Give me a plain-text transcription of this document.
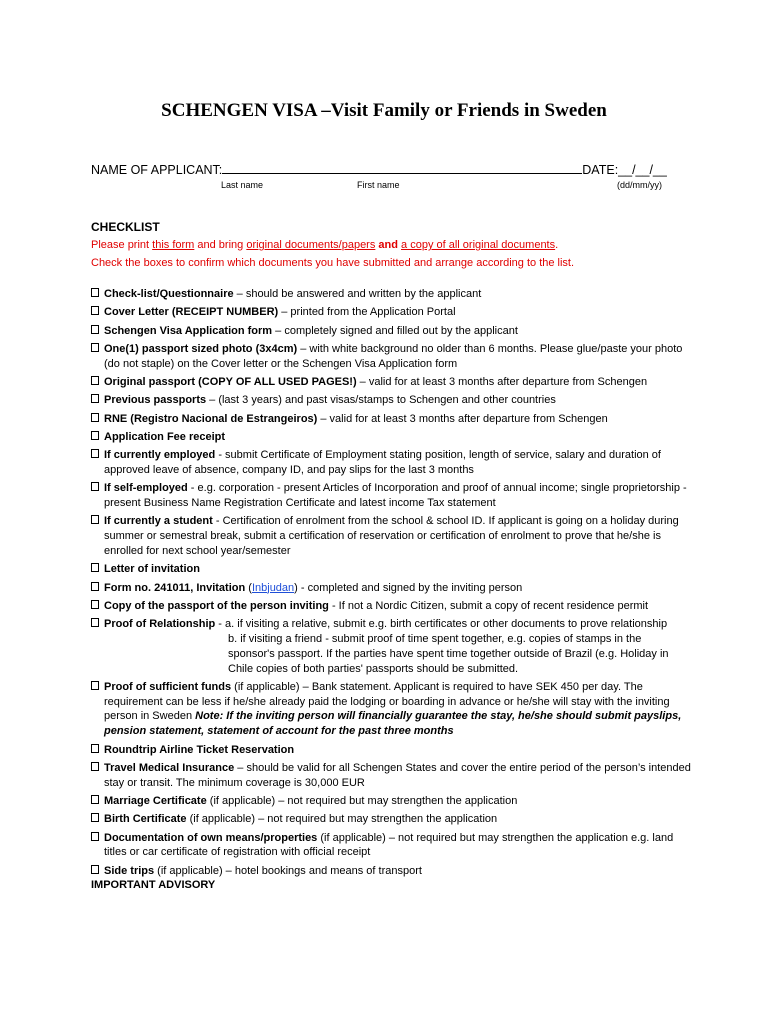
SCHENGEN VISA –Visit Family or Friends in Sweden
NAME OF APPLICANT:	DATE:__/__/__
Last name	First name	(dd/mm/yy)
CHECKLIST
Please print this form and bring original documents/papers and a copy of all original documents.
Check the boxes to confirm which documents you have submitted and arrange according to the list.
Check-list/Questionnaire – should be answered and written by the applicant
Cover Letter (RECEIPT NUMBER) – printed from the Application Portal
Schengen Visa Application form – completely signed and filled out by the applicant
One(1) passport sized photo (3x4cm) – with white background no older than 6 months. Please glue/paste your photo (do not staple) on the Cover letter or the Schengen Visa Application form
Original passport (COPY OF ALL USED PAGES!) – valid for at least 3 months after departure from Schengen
Previous passports – (last 3 years) and past visas/stamps to Schengen and other countries
RNE (Registro Nacional de Estrangeiros) – valid for at least 3 months after departure from Schengen
Application Fee receipt
If currently employed - submit Certificate of Employment stating position, length of service, salary and duration of approved leave of absence, company ID, and pay slips for the last 3 months
If self-employed - e.g. corporation - present Articles of Incorporation and proof of annual income; single proprietorship - present Business Name Registration Certificate and latest income Tax statement
If currently a student - Certification of enrolment from the school & school ID. If applicant is going on a holiday during summer or semestral break, submit a certification of reservation or certification of enrolment to prove that he/she is enrolled for next school year/semester
Letter of invitation
Form no. 241011, Invitation (Inbjudan) - completed and signed by the inviting person
Copy of the passport of the person inviting - If not a Nordic Citizen, submit a copy of recent residence permit
Proof of Relationship - a. if visiting a relative, submit e.g. birth certificates or other documents to prove relationship
b. if visiting a friend - submit proof of time spent together, e.g. copies of stamps in the sponsor's passport. If the parties have spent time together outside of Brazil (e.g. Holiday in Chile copies of both parties' passports should be submitted.
Proof of sufficient funds (if applicable) – Bank statement. Applicant is required to have SEK 450 per day. The requirement can be less if he/she already paid the lodging or boarding in advance or he/she will stay with the inviting person in Sweden Note: If the inviting person will financially guarantee the stay, he/she should submit payslips, pension statement, statement of account for the past three months
Roundtrip Airline Ticket Reservation
Travel Medical Insurance – should be valid for all Schengen States and cover the entire period of the person’s intended stay or transit. The minimum coverage is 30,000 EUR
Marriage Certificate (if applicable) – not required but may strengthen the application
Birth Certificate (if applicable) – not required but may strengthen the application
Documentation of own means/properties (if applicable) – not required but may strengthen the application e.g. land titles or car certificate of registration with official receipt
Side trips (if applicable) – hotel bookings and means of transport
IMPORTANT ADVISORY
